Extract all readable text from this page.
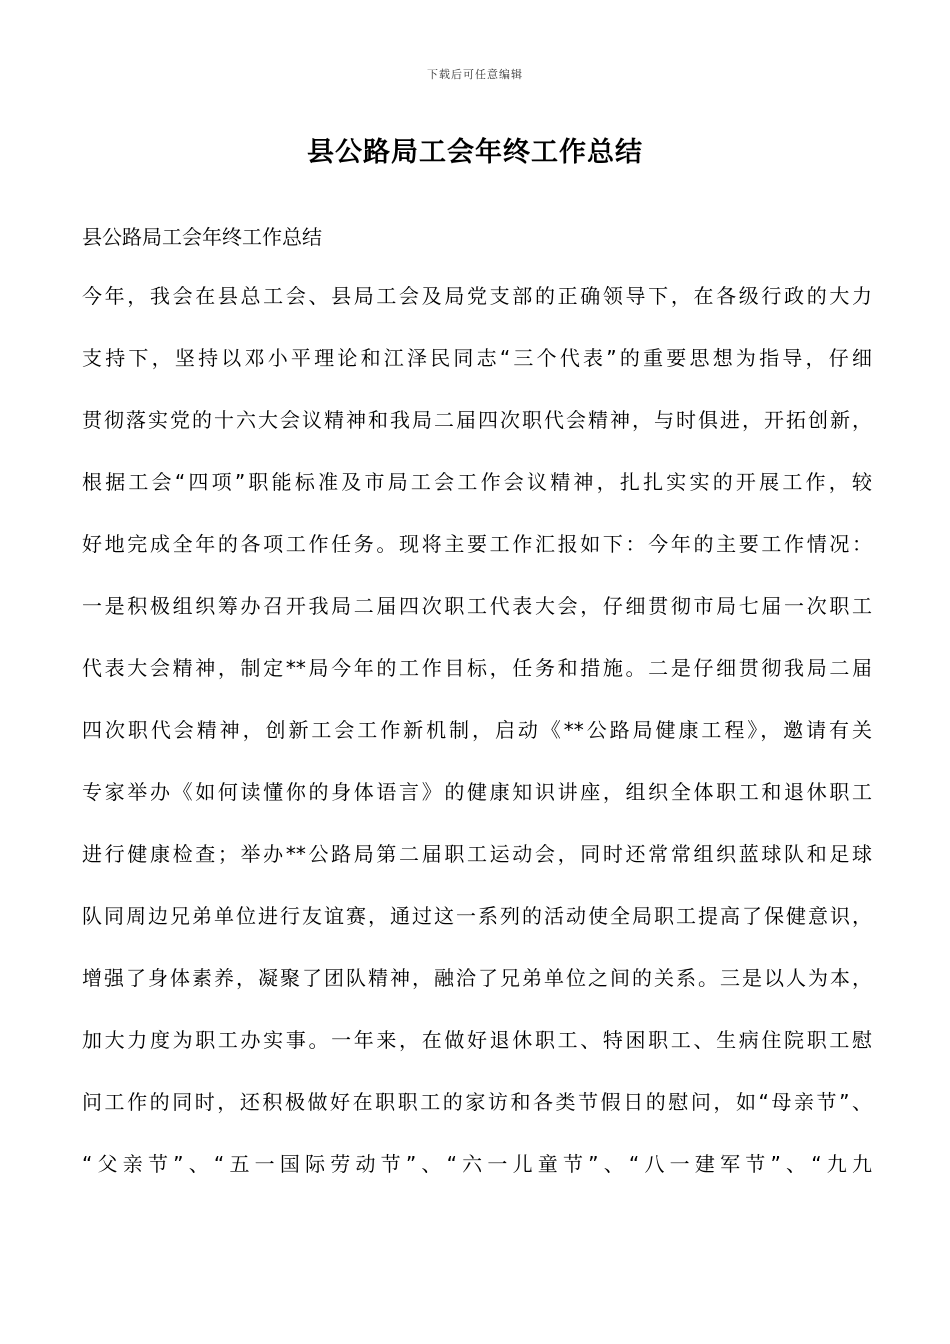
下载后可任意编辑
县公路局工会年终工作总结

县公路局工会年终工作总结

今年，我会在县总工会、县局工会及局党支部的正确领导下，在各级行政的大力
支持下，坚持以邓小平理论和江泽民同志“三个代表”的重要思想为指导，仔细
贯彻落实党的十六大会议精神和我局二届四次职代会精神，与时俱进，开拓创新，
根据工会“四项”职能标准及市局工会工作会议精神，扎扎实实的开展工作，较
好地完成全年的各项工作任务。现将主要工作汇报如下：今年的主要工作情况：
一是积极组织筹办召开我局二届四次职工代表大会，仔细贯彻市局七届一次职工
代表大会精神，制定**局今年的工作目标，任务和措施。二是仔细贯彻我局二届
四次职代会精神，创新工会工作新机制，启动《**公路局健康工程》，邀请有关
专家举办《如何读懂你的身体语言》的健康知识讲座，组织全体职工和退休职工
进行健康检查；举办**公路局第二届职工运动会，同时还常常组织蓝球队和足球
队同周边兄弟单位进行友谊赛，通过这一系列的活动使全局职工提高了保健意识，
增强了身体素养，凝聚了团队精神，融洽了兄弟单位之间的关系。三是以人为本，
加大力度为职工办实事。一年来，在做好退休职工、特困职工、生病住院职工慰
问工作的同时，还积极做好在职职工的家访和各类节假日的慰问，如“母亲节”、
“父亲节”、“五一国际劳动节”、“六一儿童节”、“八一建军节”、“九九
